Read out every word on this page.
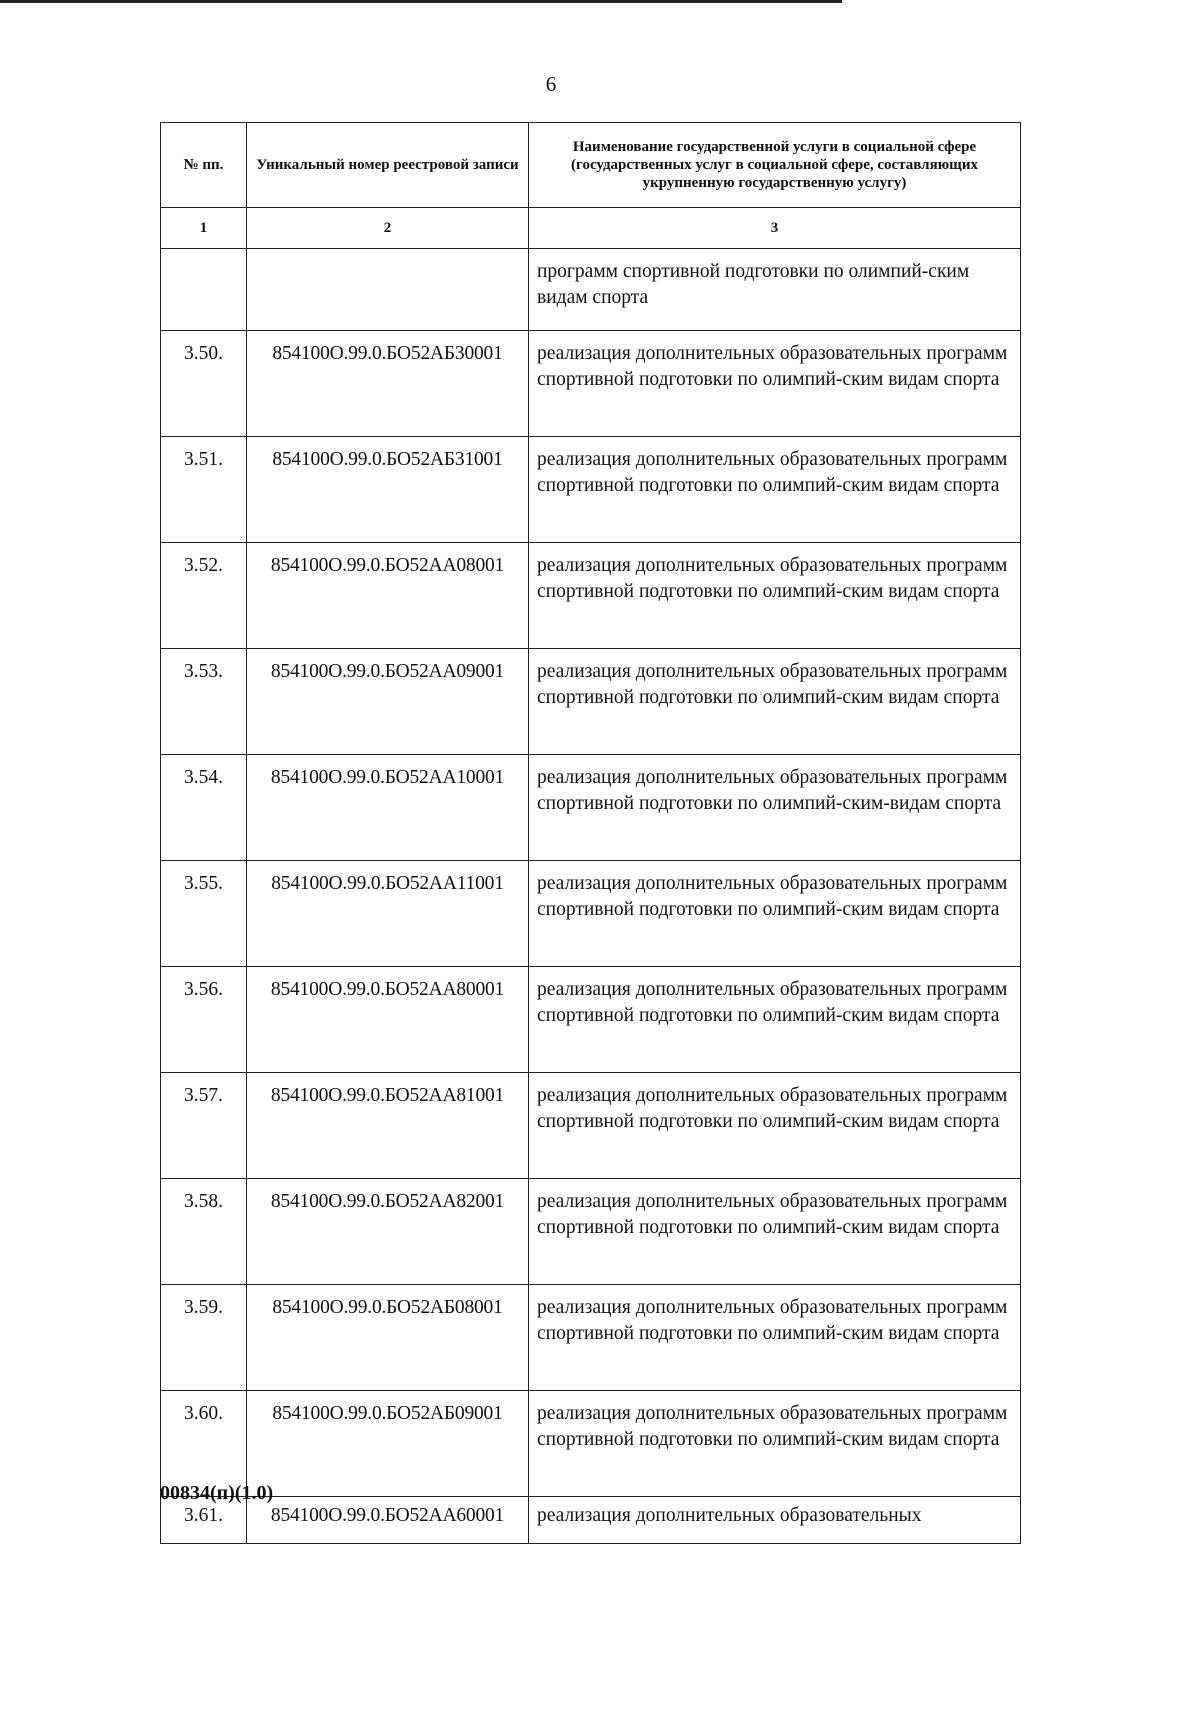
6
№ пп.	Уникальный номер реестровой записи	Наименование государственной услуги в социальной сфере (государственных услуг в социальной сфере, составляющих укрупненную государственную услугу)
1	2	3
		программ спортивной подготовки по олимпий-ским видам спорта
3.50.	854100О.99.0.БО52АБ30001	реализация дополнительных образовательных программ спортивной подготовки по олимпий-ским видам спорта
3.51.	854100О.99.0.БО52АБ31001	реализация дополнительных образовательных программ спортивной подготовки по олимпий-ским видам спорта
3.52.	854100О.99.0.БО52АА08001	реализация дополнительных образовательных программ спортивной подготовки по олимпий-ским видам спорта
3.53.	854100О.99.0.БО52АА09001	реализация дополнительных образовательных программ спортивной подготовки по олимпий-ским видам спорта
3.54.	854100О.99.0.БО52АА10001	реализация дополнительных образовательных программ спортивной подготовки по олимпий-ским-видам спорта
3.55.	854100О.99.0.БО52АА11001	реализация дополнительных образовательных программ спортивной подготовки по олимпий-ским видам спорта
3.56.	854100О.99.0.БО52АА80001	реализация дополнительных образовательных программ спортивной подготовки по олимпий-ским видам спорта
3.57.	854100О.99.0.БО52АА81001	реализация дополнительных образовательных программ спортивной подготовки по олимпий-ским видам спорта
3.58.	854100О.99.0.БО52АА82001	реализация дополнительных образовательных программ спортивной подготовки по олимпий-ским видам спорта
3.59.	854100О.99.0.БО52АБ08001	реализация дополнительных образовательных программ спортивной подготовки по олимпий-ским видам спорта
3.60.	854100О.99.0.БО52АБ09001	реализация дополнительных образовательных программ спортивной подготовки по олимпий-ским видам спорта
3.61.	854100О.99.0.БО52АА60001	реализация дополнительных образовательных
00834(п)(1.0)
